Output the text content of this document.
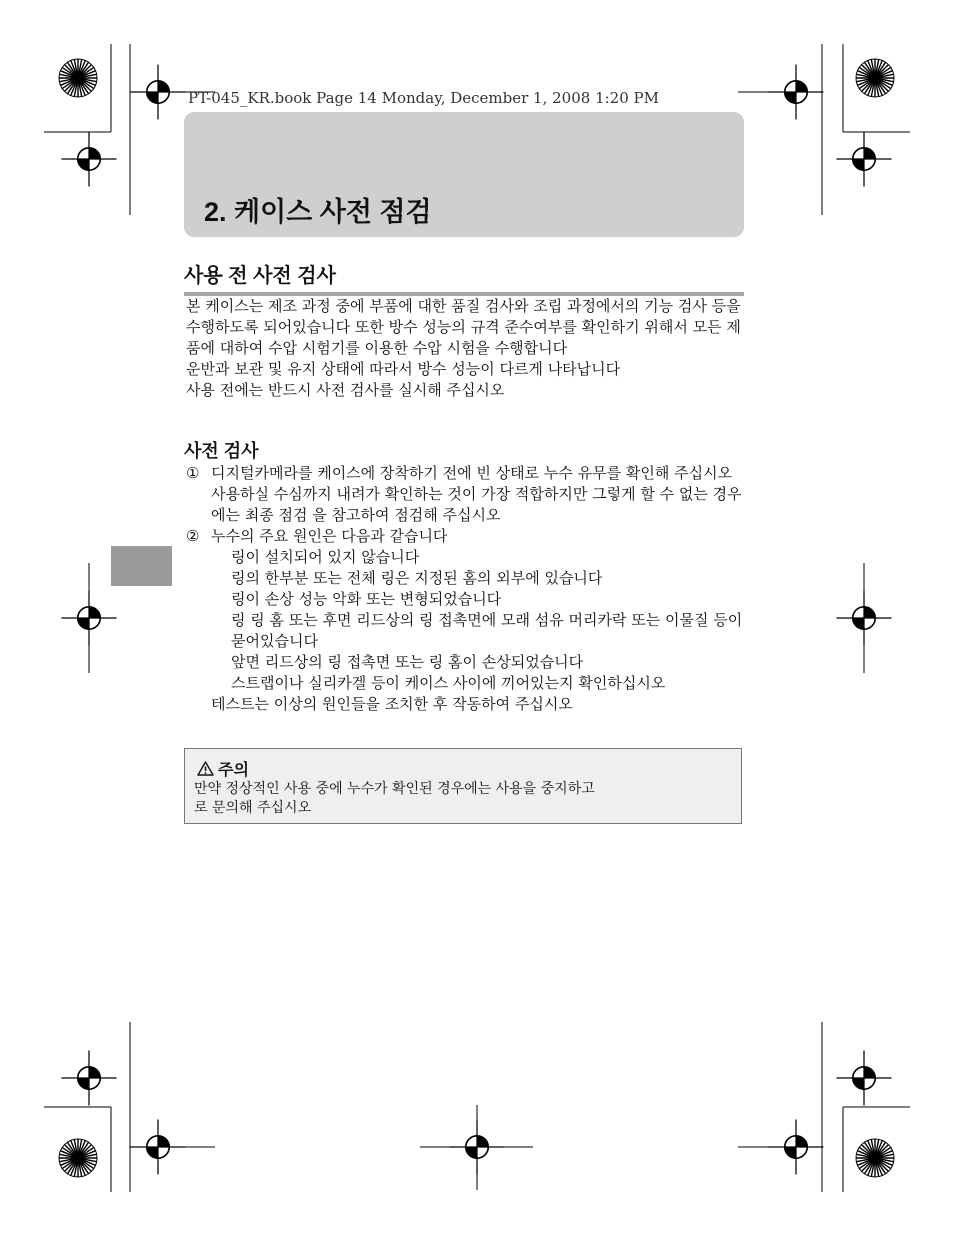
PT-045_KR.book Page 14 Monday, December 1, 2008 1:20 PM
2. 케이스 사전 점검
사용 전 사전 검사

본 케이스는 제조 과정 중에 부품에 대한 품질 검사와 조립 과정에서의 기능 검사 등을 수행하도록 되어있습니다 또한 방수 성능의 규격 준수여부를 확인하기 위해서 모든 제품에 대하여 수압 시험기를 이용한 수압 시험을 수행합니다

운반과 보관 및 유지 상태에 따라서 방수 성능이 다르게 나타납니다

사용 전에는 반드시 사전 검사를 실시해 주십시오

사전 검사
① 디지털카메라를 케이스에 장착하기 전에 빈 상태로 누수 유무를 확인해 주십시오 사용하실 수심까지 내려가 확인하는 것이 가장 적합하지만 그렇게 할 수 없는 경우에는 최종 점검 을 참고하여 점검해 주십시오
② 누수의 주요 원인은 다음과 같습니다
링이 설치되어 있지 않습니다
링의 한부분 또는 전체 링은 지정된 홈의 외부에 있습니다
링이 손상 성능 악화 또는 변형되었습니다
링 링 홈 또는 후면 리드상의 링 접촉면에 모래 섬유 머리카락 또는 이물질 등이 묻어있습니다
앞면 리드상의 링 접촉면 또는 링 홈이 손상되었습니다
스트랩이나 실리카겔 등이 케이스 사이에 끼어있는지 확인하십시오

테스트는 이상의 원인들을 조치한 후 작동하여 주십시오

주의

만약 정상적인 사용 중에 누수가 확인된 경우에는 사용을 중지하고

로 문의해 주십시오
